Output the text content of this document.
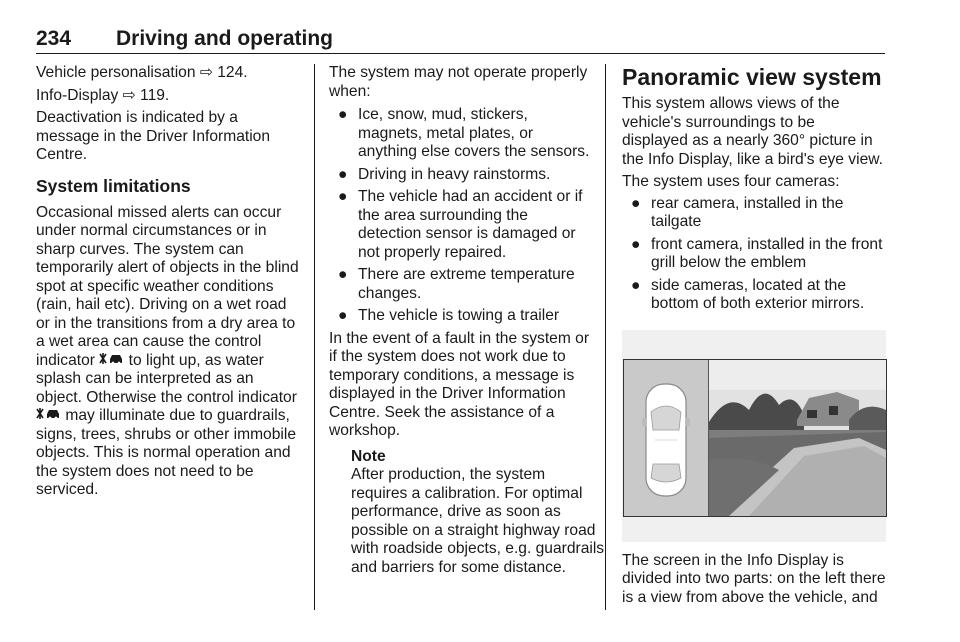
234 Driving and operating
Vehicle personalisation ⇨ 124.
Info-Display ⇨ 119.
Deactivation is indicated by a
message in the Driver Information
Centre.
System limitations
Occasional missed alerts can occur
under normal circumstances or in
sharp curves. The system can
temporarily alert of objects in the blind
spot at specific weather conditions
(rain, hail etc). Driving on a wet road
or in the transitions from a dry area to
a wet area can cause the control
indicator to light up, as water
splash can be interpreted as an
object. Otherwise the control indicator
may illuminate due to guardrails,
signs, trees, shrubs or other immobile
objects. This is normal operation and
the system does not need to be
serviced.
The system may not operate properly
when:
● Ice, snow, mud, stickers,
magnets, metal plates, or
anything else covers the sensors.
● Driving in heavy rainstorms.
● The vehicle had an accident or if
the area surrounding the
detection sensor is damaged or
not properly repaired.
● There are extreme temperature
changes.
● The vehicle is towing a trailer
In the event of a fault in the system or
if the system does not work due to
temporary conditions, a message is
displayed in the Driver Information
Centre. Seek the assistance of a
workshop.
Note
After production, the system
requires a calibration. For optimal
performance, drive as soon as
possible on a straight highway road
with roadside objects, e.g. guardrails
and barriers for some distance.
Panoramic view system
This system allows views of the
vehicle's surroundings to be
displayed as a nearly 360° picture in
the Info Display, like a bird's eye view.
The system uses four cameras:
● rear camera, installed in the
tailgate
● front camera, installed in the front
grill below the emblem
● side cameras, located at the
bottom of both exterior mirrors.
The screen in the Info Display is
divided into two parts: on the left there
is a view from above the vehicle, and
